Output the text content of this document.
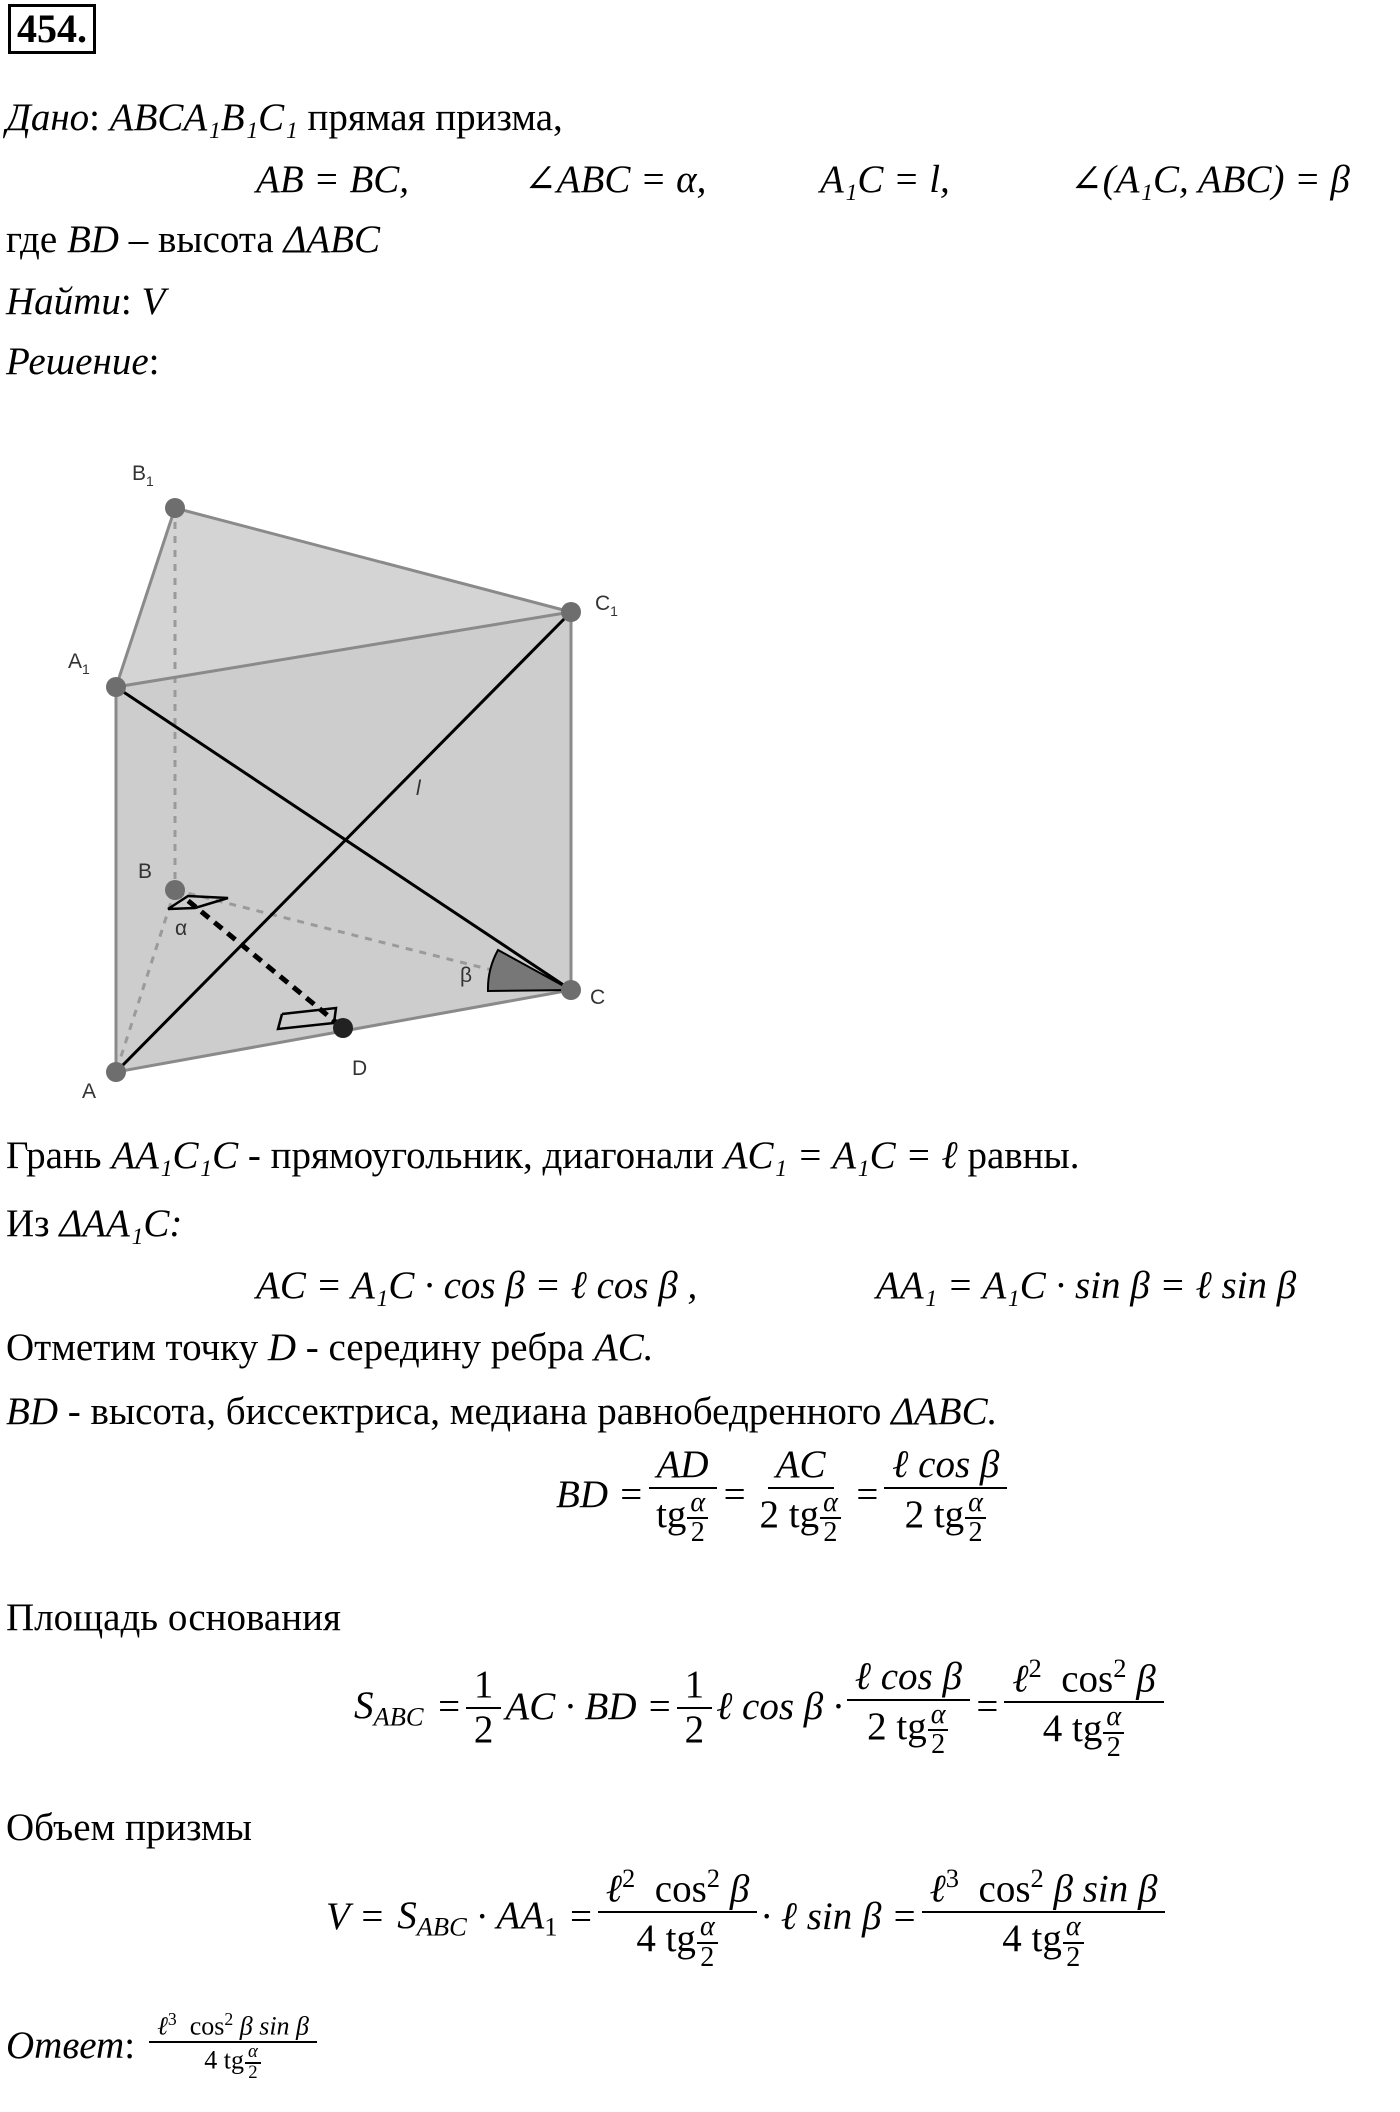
454.
Дано: ABCA₁B₁C₁ прямая призма,
AB = BC,	∠ABC = α,	A₁C = l,	∠(A₁C, ABC) = β
где BD – высота ΔABC
Найти: V
Решение:
$B_1$
$C_1$
$A_1$
B
C
A
D
l
α
β
Грань AA₁C₁C - прямоугольник, диагонали AC₁ = A₁C = ℓ равны.
Из ΔAA₁C:
AC = A₁C · cos β = ℓ cos β ,	AA₁ = A₁C · sin β = ℓ sin β
Отметим точку D - середину ребра AC.
BD - высота, биссектриса, медиана равнобедренного ΔABC.
BD = $\frac{AD}{tg \frac{\alpha}{2}} = \frac{AC}{2 tg \frac{\alpha}{2}} = \frac{\text{ℓ cos β}}{2 tg \frac{\alpha}{2}}$
Площадь основания
$S_{ABC} = \frac{1}{2}$ AC · BD = $\frac{1}{2}$ ℓ $\cos \beta \cdot \frac{\text{ℓ cos β}}{2 tg \frac{\alpha}{2}} = \frac{\ell^2 \cos^2 \beta}{4 tg \frac{\alpha}{2}}$
Объем призмы
$V = S_{ABC} \cdot AA_1 = \frac{\ell^2 \cos^2 \beta}{4 tg \frac{\alpha}{2}}$ · ℓ $\sin \beta = \frac{\ell^3 \cos^2 \beta \sin \beta}{4 tg \frac{\alpha}{2}}$
Ответ : $\frac{\ell^3 \cos^2 \beta \sin \beta}{4 tg \frac{\alpha}{2}}$
